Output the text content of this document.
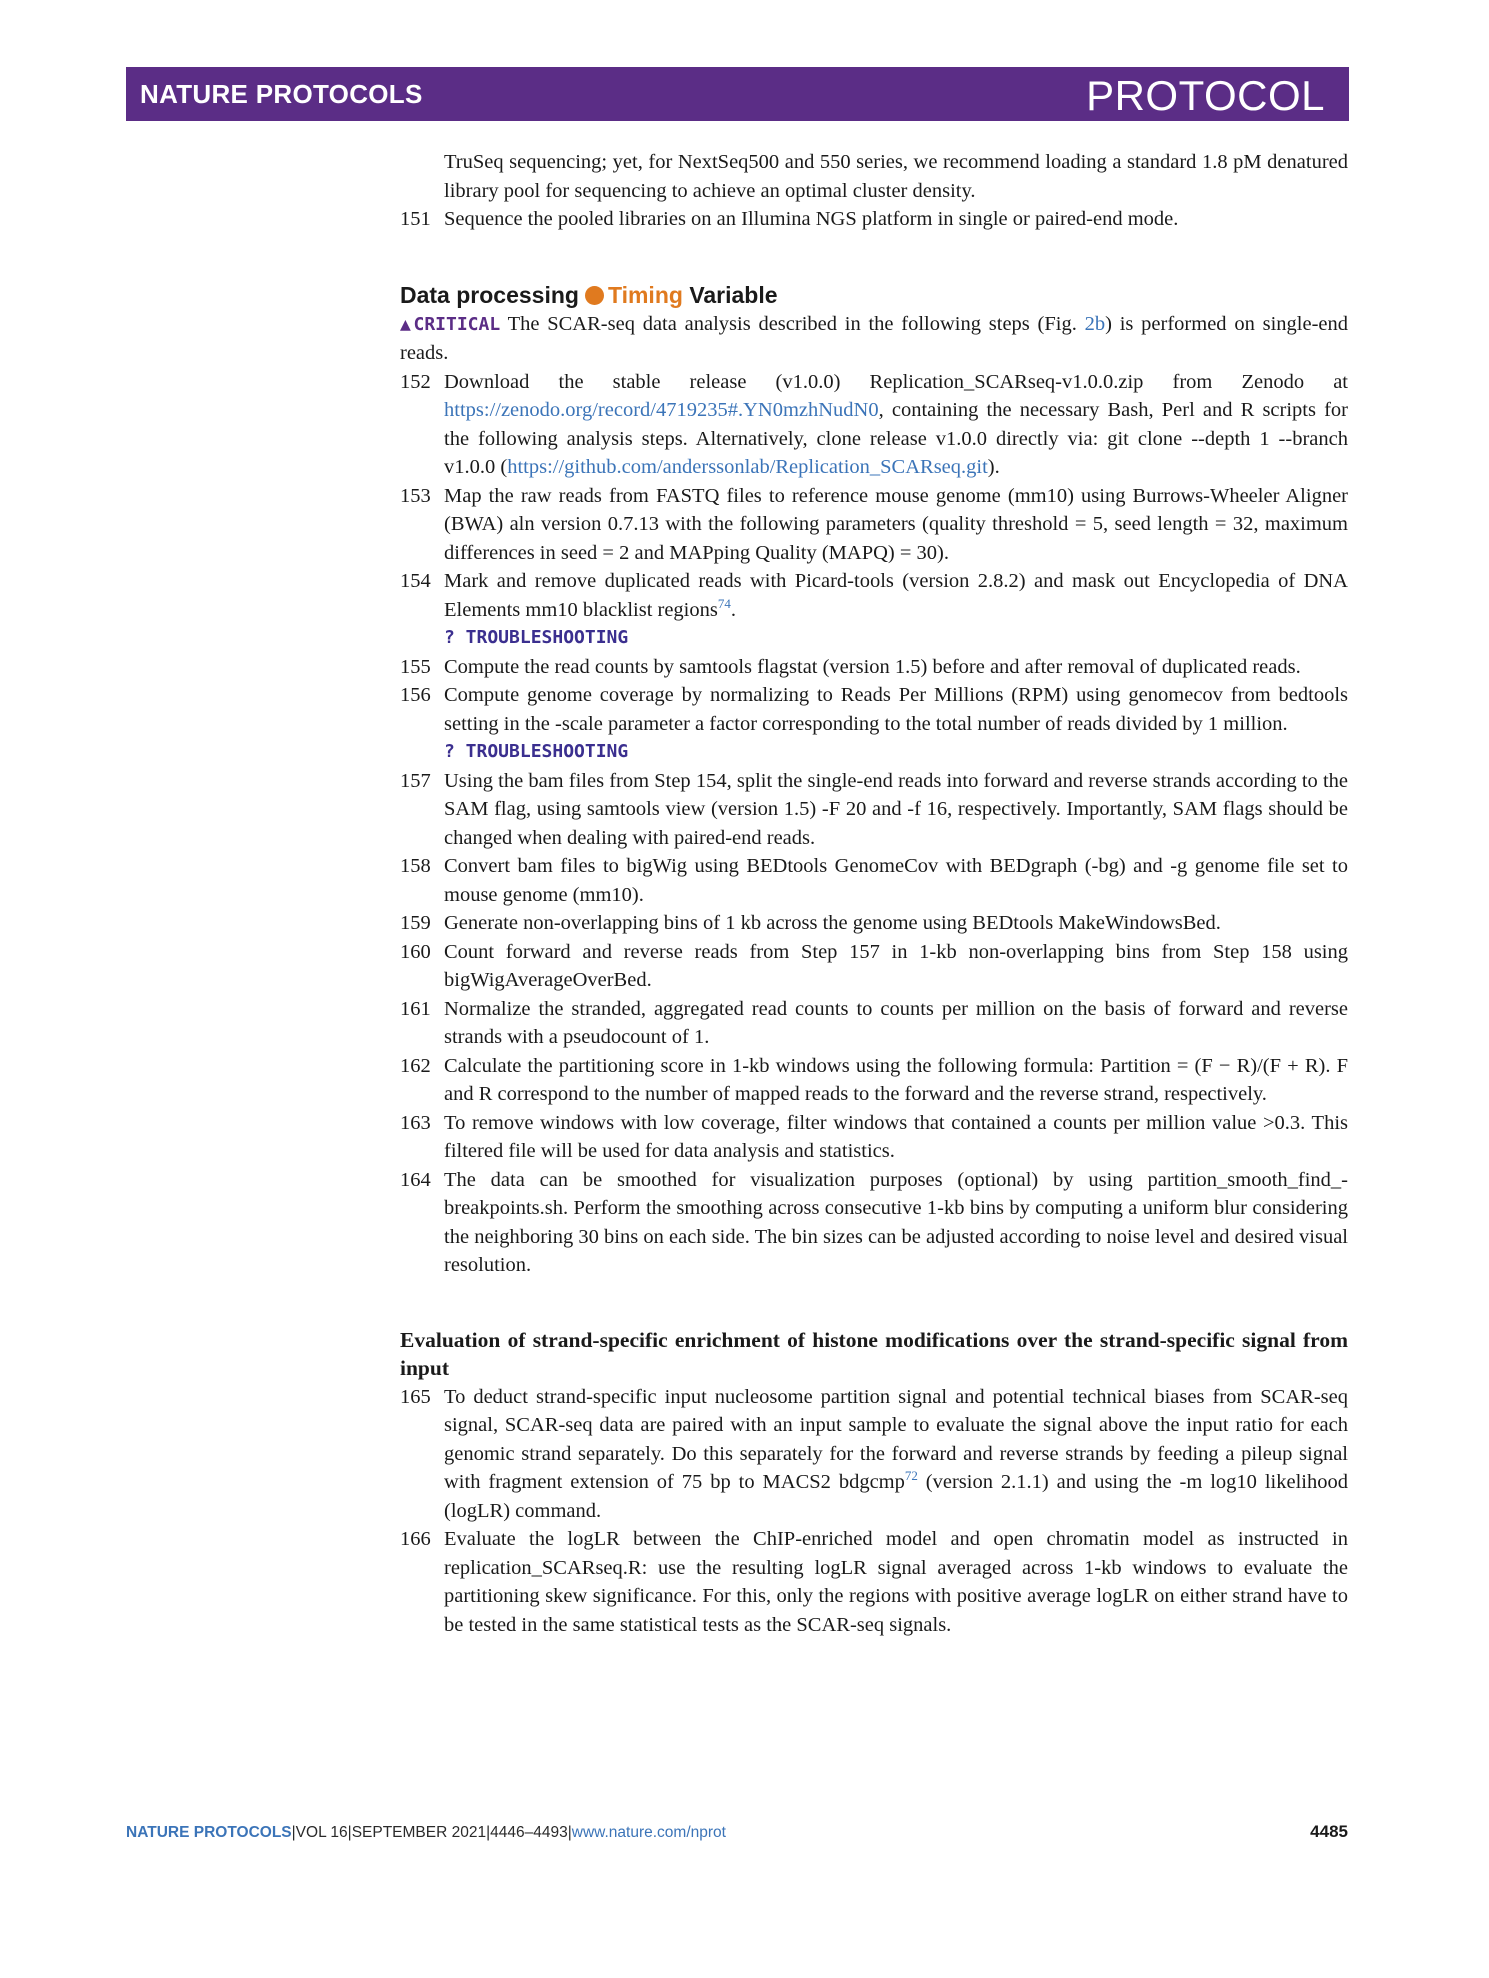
NATURE PROTOCOLS	PROTOCOL
TruSeq sequencing; yet, for NextSeq500 and 550 series, we recommend loading a standard 1.8 pM denatured library pool for sequencing to achieve an optimal cluster density.
151 Sequence the pooled libraries on an Illumina NGS platform in single or paired-end mode.
Data processing Timing Variable
▲CRITICAL The SCAR-seq data analysis described in the following steps (Fig. 2b) is performed on single-end reads.
152 Download the stable release (v1.0.0) Replication_SCARseq-v1.0.0.zip from Zenodo at https://zenodo.org/record/4719235#.YN0mzhNudN0, containing the necessary Bash, Perl and R scripts for the following analysis steps. Alternatively, clone release v1.0.0 directly via: git clone --depth 1 --branch v1.0.0 (https://github.com/anderssonlab/Replication_SCARseq.git).
153 Map the raw reads from FASTQ files to reference mouse genome (mm10) using Burrows-Wheeler Aligner (BWA) aln version 0.7.13 with the following parameters (quality threshold = 5, seed length = 32, maximum differences in seed = 2 and MAPping Quality (MAPQ) = 30).
154 Mark and remove duplicated reads with Picard-tools (version 2.8.2) and mask out Encyclopedia of DNA Elements mm10 blacklist regions$^{74}$.
? TROUBLESHOOTING
155 Compute the read counts by samtools flagstat (version 1.5) before and after removal of duplicated reads.
156 Compute genome coverage by normalizing to Reads Per Millions (RPM) using genomecov from bedtools setting in the -scale parameter a factor corresponding to the total number of reads divided by 1 million.
? TROUBLESHOOTING
157 Using the bam files from Step 154, split the single-end reads into forward and reverse strands according to the SAM flag, using samtools view (version 1.5) -F 20 and -f 16, respectively. Importantly, SAM flags should be changed when dealing with paired-end reads.
158 Convert bam files to bigWig using BEDtools GenomeCov with BEDgraph (-bg) and -g genome file set to mouse genome (mm10).
159 Generate non-overlapping bins of 1 kb across the genome using BEDtools MakeWindowsBed.
160 Count forward and reverse reads from Step 157 in 1-kb non-overlapping bins from Step 158 using bigWigAverageOverBed.
161 Normalize the stranded, aggregated read counts to counts per million on the basis of forward and reverse strands with a pseudocount of 1.
162 Calculate the partitioning score in 1-kb windows using the following formula: Partition = (F − R)/(F + R). F and R correspond to the number of mapped reads to the forward and the reverse strand, respectively.
163 To remove windows with low coverage, filter windows that contained a counts per million value >0.3. This filtered file will be used for data analysis and statistics.
164 The data can be smoothed for visualization purposes (optional) by using partition_smooth_find_-breakpoints.sh. Perform the smoothing across consecutive 1-kb bins by computing a uniform blur considering the neighboring 30 bins on each side. The bin sizes can be adjusted according to noise level and desired visual resolution.
Evaluation of strand-specific enrichment of histone modifications over the strand-specific signal from input
165 To deduct strand-specific input nucleosome partition signal and potential technical biases from SCAR-seq signal, SCAR-seq data are paired with an input sample to evaluate the signal above the input ratio for each genomic strand separately. Do this separately for the forward and reverse strands by feeding a pileup signal with fragment extension of 75 bp to MACS2 bdgcmp$^{72}$ (version 2.1.1) and using the -m log10 likelihood (logLR) command.
166 Evaluate the logLR between the ChIP-enriched model and open chromatin model as instructed in replication_SCARseq.R: use the resulting logLR signal averaged across 1-kb windows to evaluate the partitioning skew significance. For this, only the regions with positive average logLR on either strand have to be tested in the same statistical tests as the SCAR-seq signals.
NATURE PROTOCOLS|VOL 16|SEPTEMBER 2021|4446–4493|www.nature.com/nprot	4485
